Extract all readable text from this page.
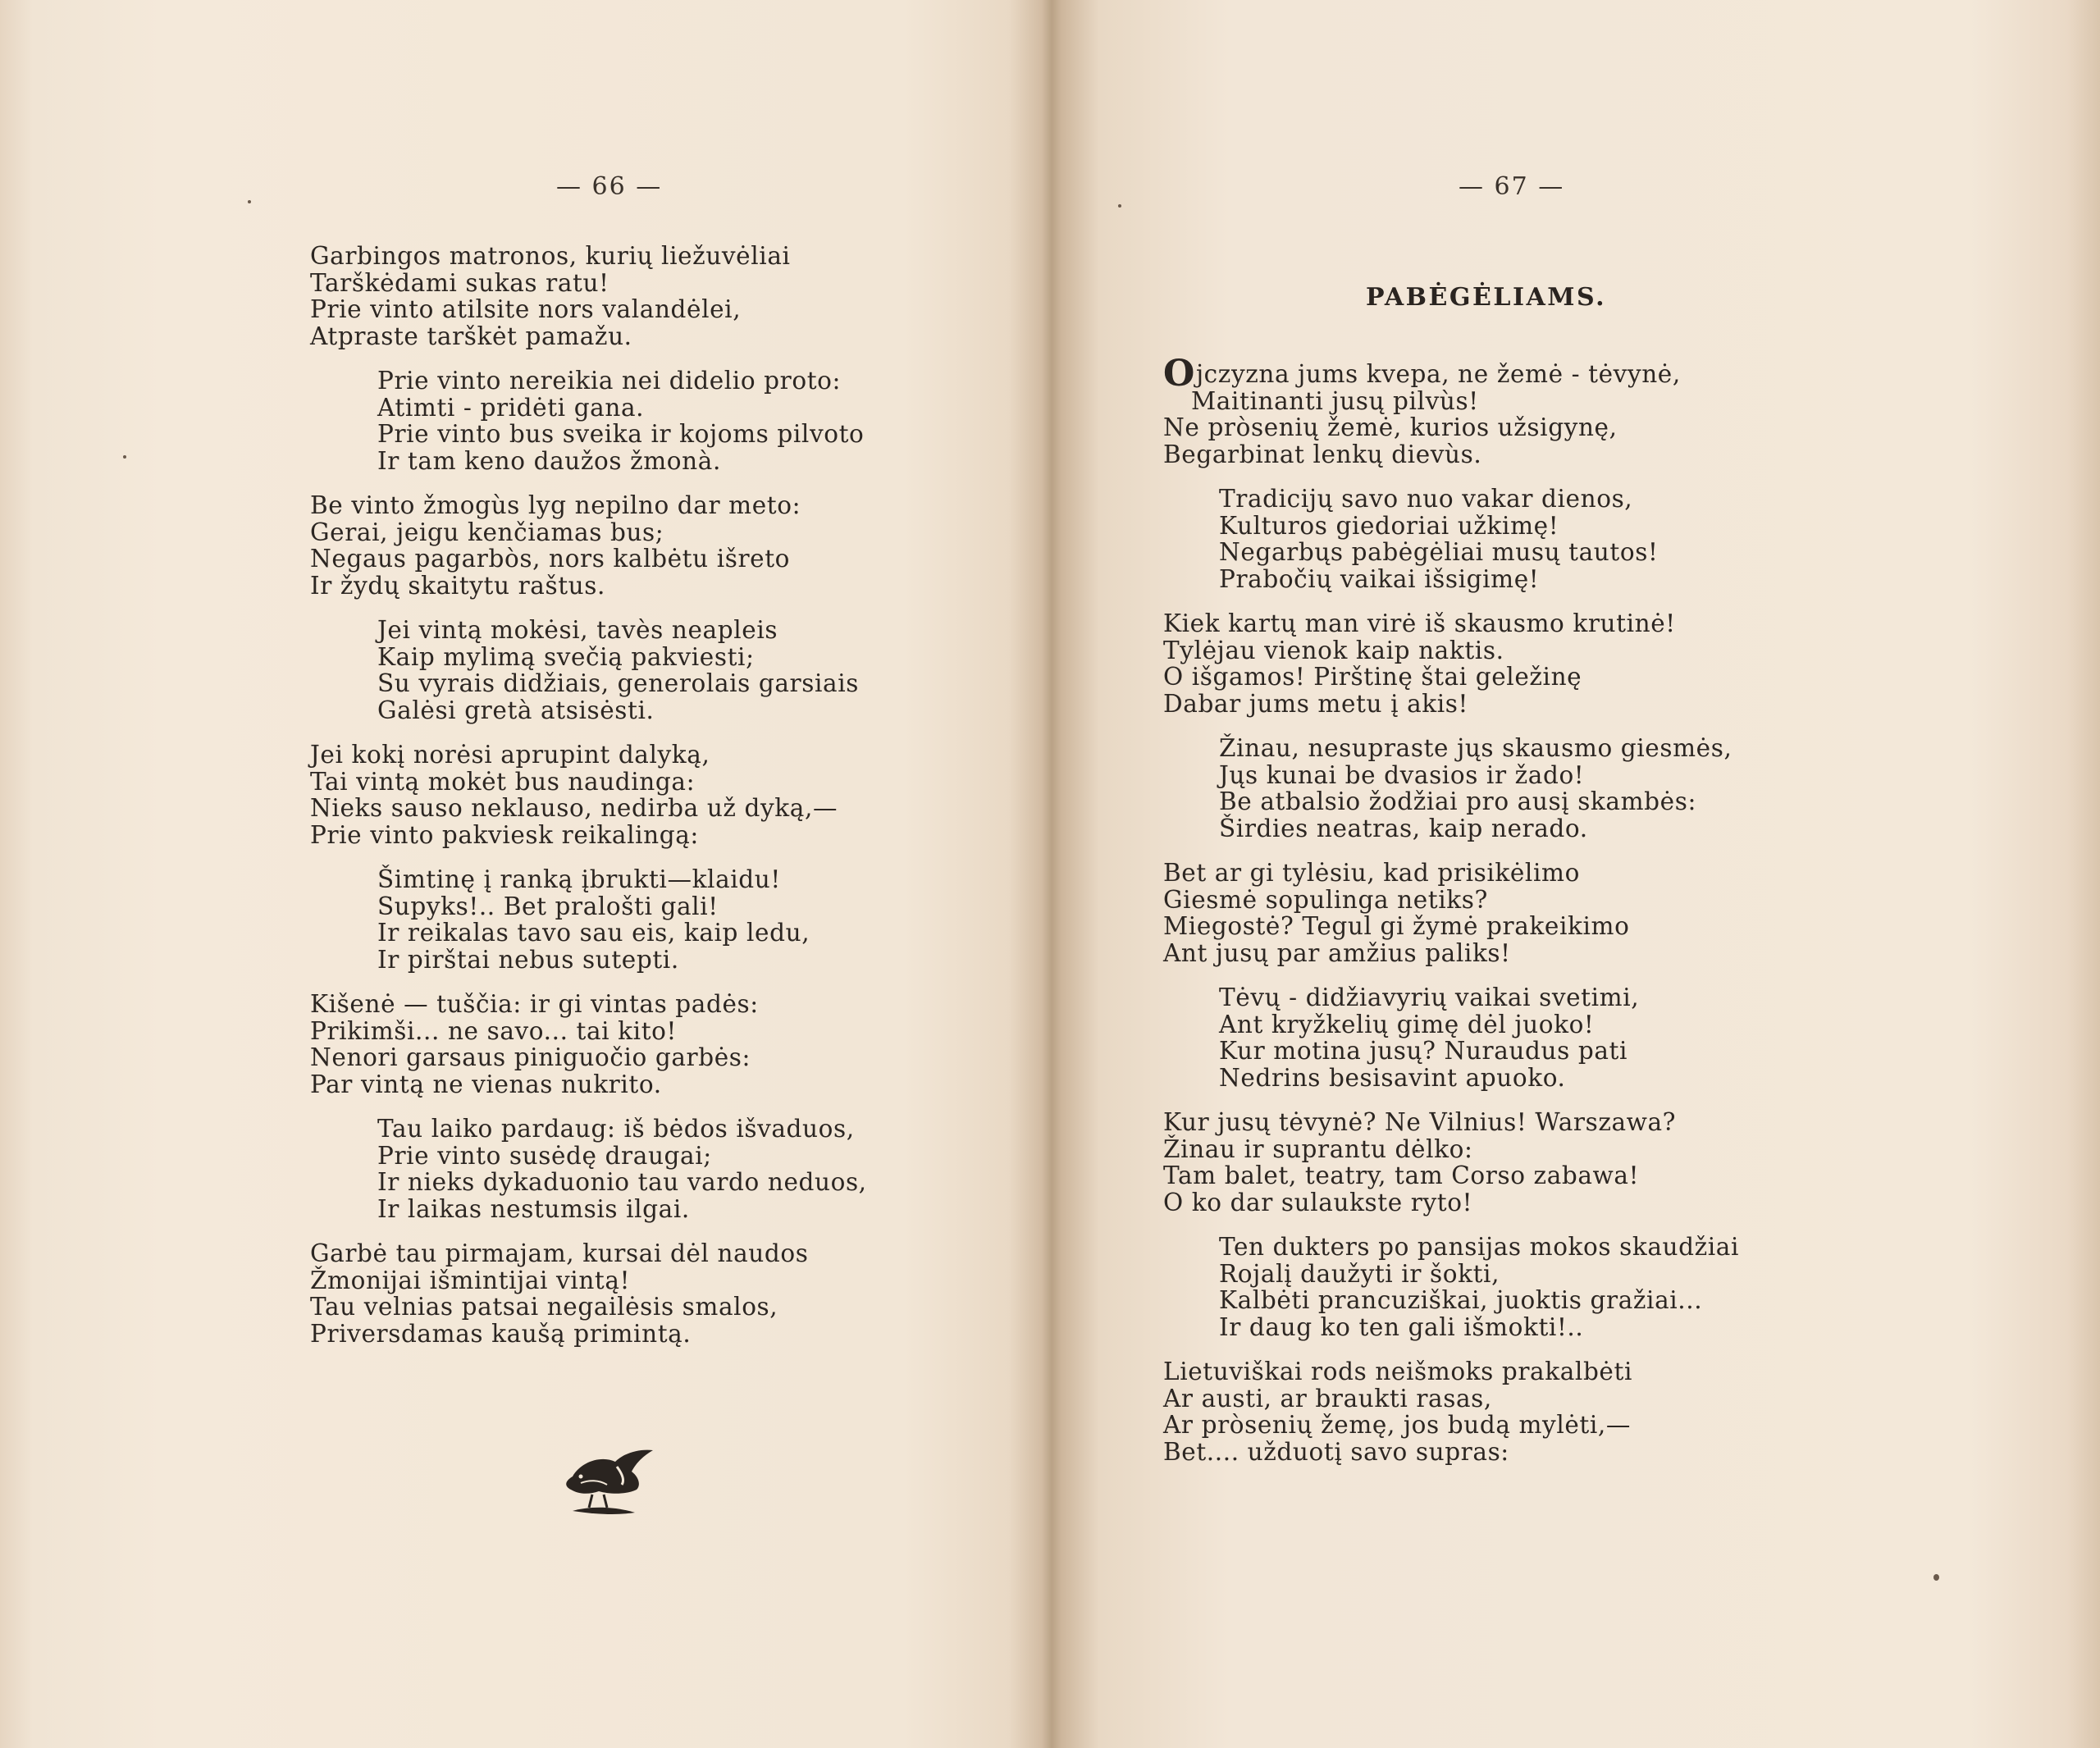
— 66 —
Garbingos matronos, kurių liežuvėliai
Tarškėdami sukas ratu!
Prie vinto atilsite nors valandėlei,
Atpraste tarškėt pamažu.
Prie vinto nereikia nei didelio proto:
Atimti - pridėti gana.
Prie vinto bus sveika ir kojoms pilvoto
Ir tam keno daužos žmonà.
Be vinto žmogùs lyg nepilno dar meto:
Gerai, jeigu kenčiamas bus;
Negaus pagarbòs, nors kalbėtu išreto
Ir žydų skaitytu raštus.
Jei vintą mokėsi, tavès neapleis
Kaip mylimą svečią pakviesti;
Su vyrais didžiais, generolais garsiais
Galėsi gretà atsisėsti.
Jei kokį norėsi aprupint dalyką,
Tai vintą mokėt bus naudinga:
Nieks sauso neklauso, nedirba už dyką,—
Prie vinto pakviesk reikalingą:
Šimtinę į ranką įbrukti—klaidu!
Supyks!.. Bet pralošti gali!
Ir reikalas tavo sau eis, kaip ledu,
Ir pirštai nebus sutepti.
Kišenė — tuščia: ir gi vintas padės:
Prikimši... ne savo... tai kito!
Nenori garsaus piniguočio garbės:
Par vintą ne vienas nukrito.
Tau laiko pardaug: iš bėdos išvaduos,
Prie vinto susėdę draugai;
Ir nieks dykaduonio tau vardo neduos,
Ir laikas nestumsis ilgai.
Garbė tau pirmajam, kursai dėl naudos
Žmonijai išmintijai vintą!
Tau velnias patsai negailėsis smalos,
Priversdamas kaušą primintą.
— 67 —
PABĖGĖLIAMS.
Ojczyzna jums kvepa, ne žemė - tėvynė,
Maitinanti jusų pilvùs!
Ne pròsenių žemė, kurios užsigynę,
Begarbinat lenkų dievùs.
Tradicijų savo nuo vakar dienos,
Kulturos giedoriai užkimę!
Negarbųs pabėgėliai musų tautos!
Prabočių vaikai išsigimę!
Kiek kartų man virė iš skausmo krutinė!
Tylėjau vienok kaip naktis.
O išgamos! Pirštinę štai geležinę
Dabar jums metu į akis!
Žinau, nesupraste jųs skausmo giesmės,
Jųs kunai be dvasios ir žado!
Be atbalsio žodžiai pro ausį skambės:
Širdies neatras, kaip nerado.
Bet ar gi tylėsiu, kad prisikėlimo
Giesmė sopulinga netiks?
Miegostė? Tegul gi žymė prakeikimo
Ant jusų par amžius paliks!
Tėvų - didžiavyrių vaikai svetimi,
Ant kryžkelių gimę dėl juoko!
Kur motina jusų? Nuraudus pati
Nedrins besisavint apuoko.
Kur jusų tėvynė? Ne Vilnius! Warszawa?
Žinau ir suprantu dėlko:
Tam balet, teatry, tam Corso zabawa!
O ko dar sulaukste ryto!
Ten dukters po pansijas mokos skaudžiai
Rojalį daužyti ir šokti,
Kalbėti prancuziškai, juoktis gražiai...
Ir daug ko ten gali išmokti!..
Lietuviškai rods neišmoks prakalbėti
Ar austi, ar braukti rasas,
Ar pròsenių žemę, jos budą mylėti,—
Bet.... užduotį savo supras:
